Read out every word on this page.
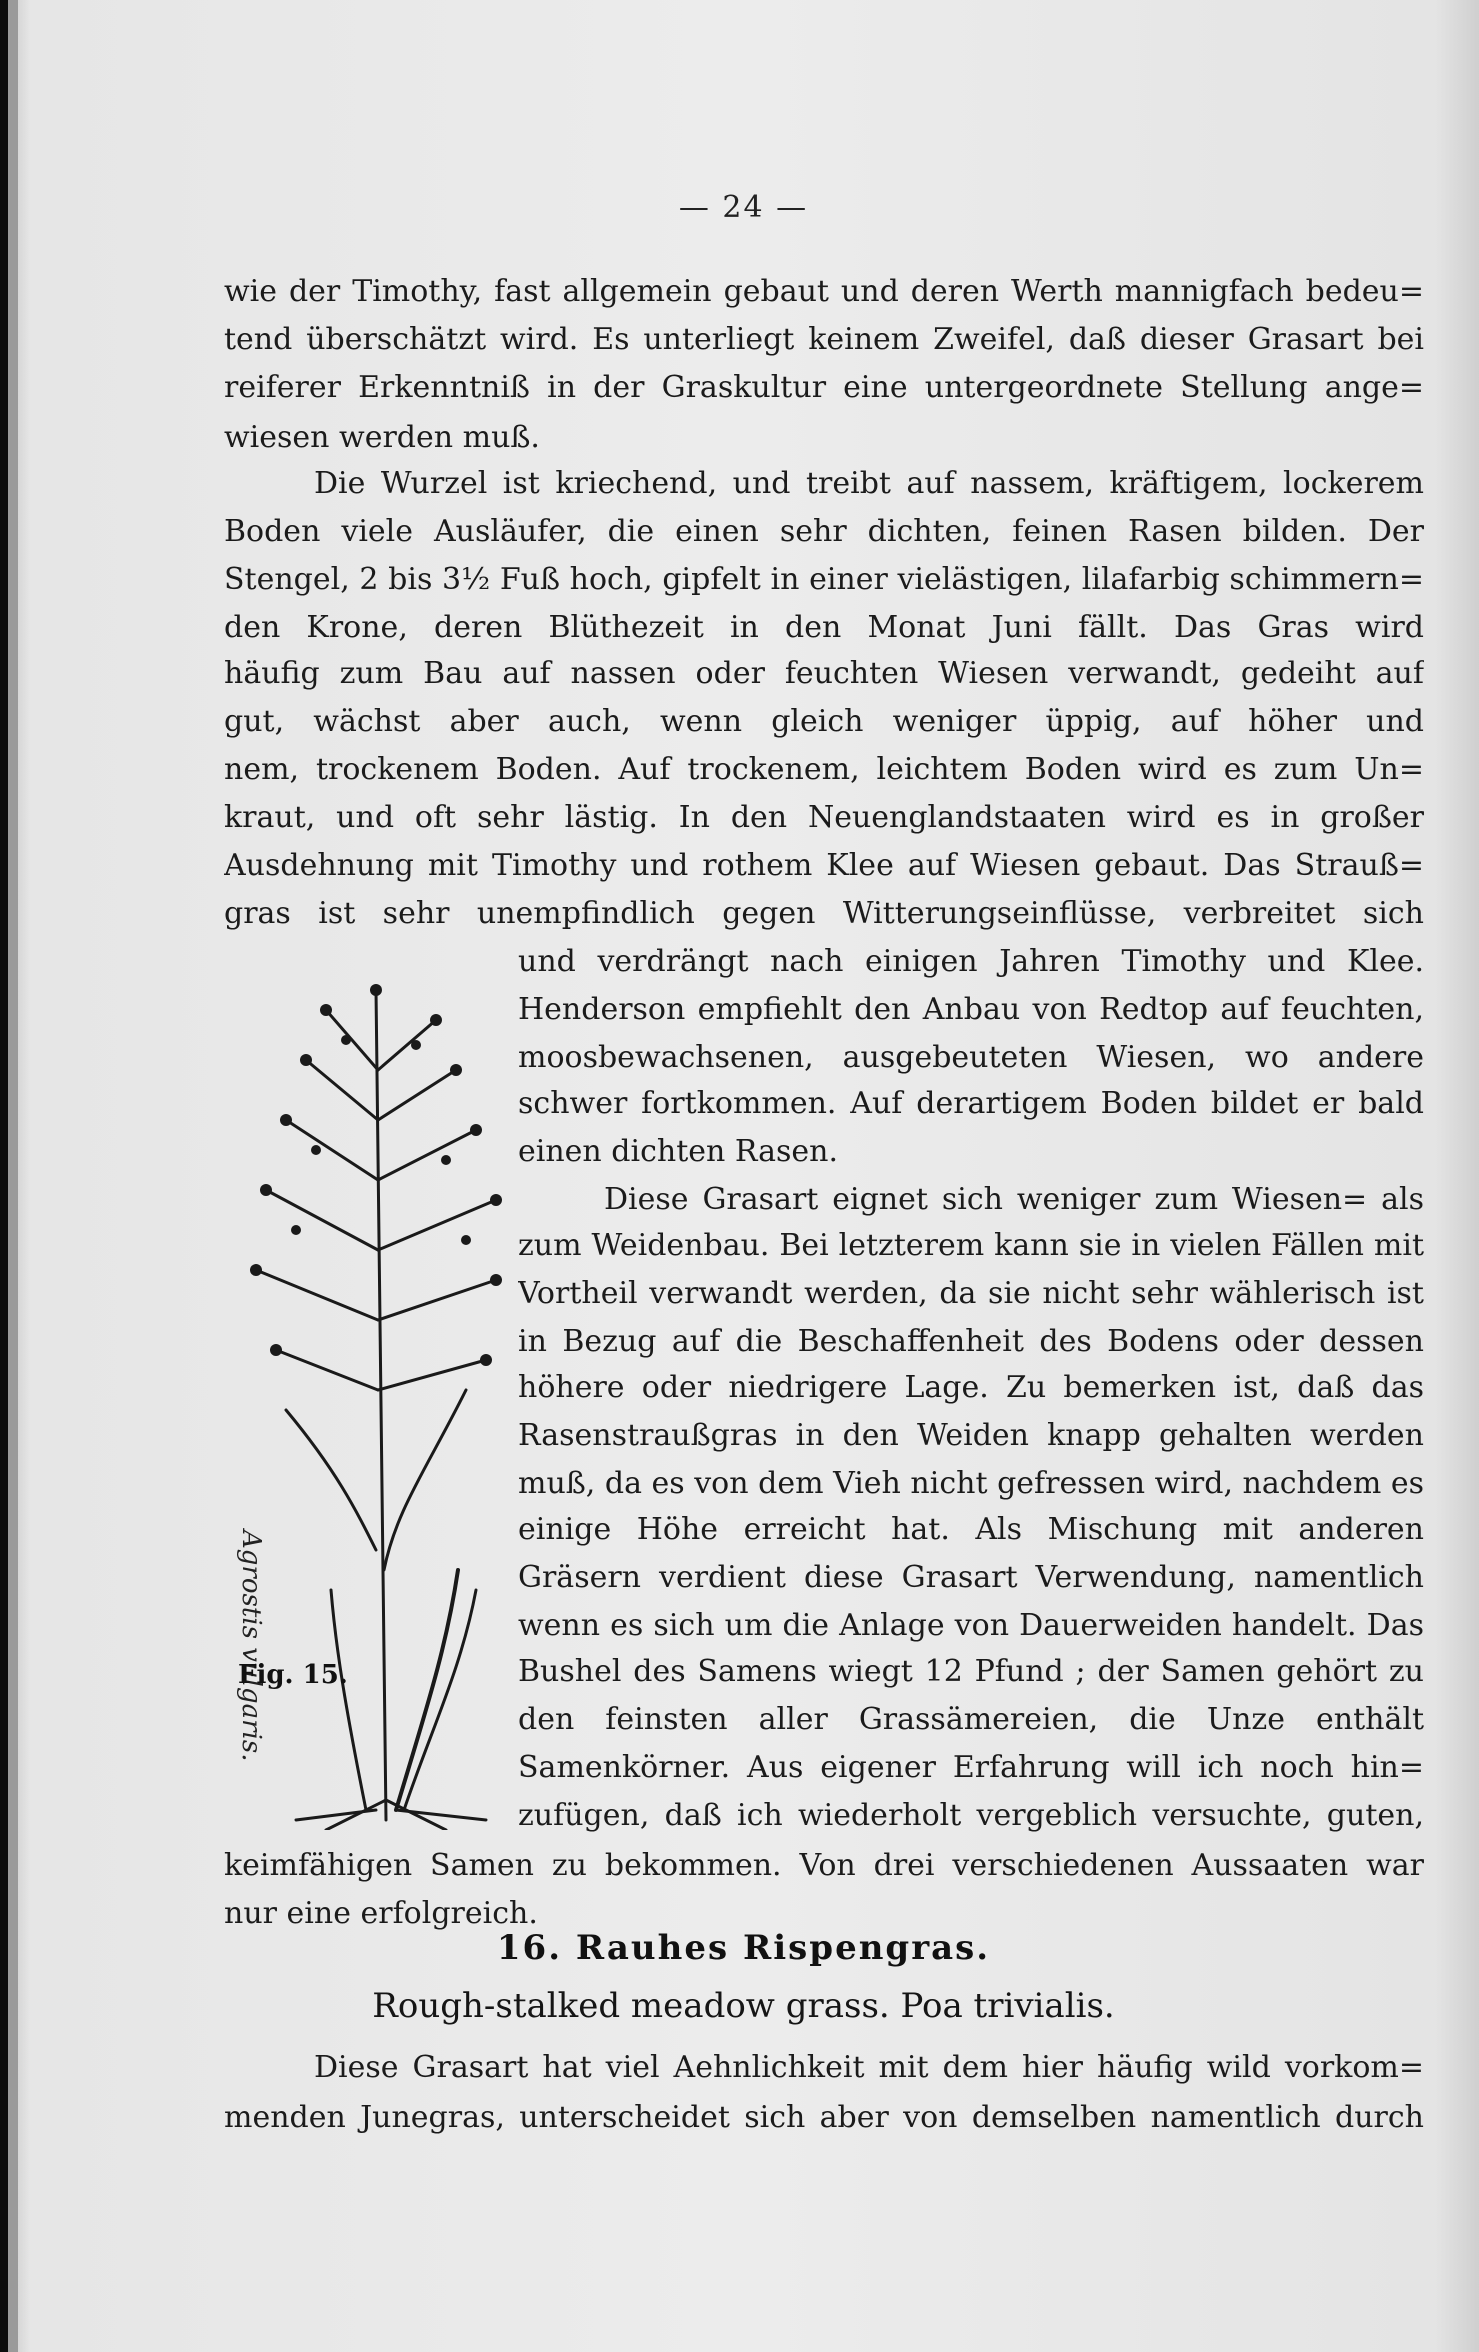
— 24 —
wie der Timothy, fast allgemein gebaut und deren Werth mannigfach bedeu=
tend überschätzt wird. Es unterliegt keinem Zweifel, daß dieser Grasart bei
reiferer Erkenntniß in der Graskultur eine untergeordnete Stellung ange=
wiesen werden muß.
Die Wurzel ist kriechend, und treibt auf nassem, kräftigem, lockerem
Boden viele Ausläufer, die einen sehr dichten, feinen Rasen bilden. Der
Stengel, 2 bis 3½ Fuß hoch, gipfelt in einer vielästigen, lilafarbig schimmern=
den Krone, deren Blüthezeit in den Monat Juni fällt. Das Gras wird
häufig zum Bau auf nassen oder feuchten Wiesen verwandt, gedeiht auf
gut, wächst aber auch, wenn gleich weniger üppig, auf höher und
nem, trockenem Boden. Auf trockenem, leichtem Boden wird es zum Un=
kraut, und oft sehr lästig. In den Neuenglandstaaten wird es in großer
Ausdehnung mit Timothy und rothem Klee auf Wiesen gebaut. Das Strauß=
gras ist sehr unempfindlich gegen Witterungseinflüsse, verbreitet sich
Agrostis vulgaris.
Fig. 15.
und verdrängt nach einigen Jahren Timothy und Klee.
Henderson empfiehlt den Anbau von Redtop auf feuchten,
moosbewachsenen, ausgebeuteten Wiesen, wo andere
schwer fortkommen. Auf derartigem Boden bildet er bald
einen dichten Rasen.
Diese Grasart eignet sich weniger zum Wiesen= als
zum Weidenbau. Bei letzterem kann sie in vielen Fällen mit
Vortheil verwandt werden, da sie nicht sehr wählerisch ist
in Bezug auf die Beschaffenheit des Bodens oder dessen
höhere oder niedrigere Lage. Zu bemerken ist, daß das
Rasenstraußgras in den Weiden knapp gehalten werden
muß, da es von dem Vieh nicht gefressen wird, nachdem es
einige Höhe erreicht hat. Als Mischung mit anderen
Gräsern verdient diese Grasart Verwendung, namentlich
wenn es sich um die Anlage von Dauerweiden handelt. Das
Bushel des Samens wiegt 12 Pfund ; der Samen gehört zu
den feinsten aller Grassämereien, die Unze enthält
Samenkörner. Aus eigener Erfahrung will ich noch hin=
zufügen, daß ich wiederholt vergeblich versuchte, guten,
keimfähigen Samen zu bekommen. Von drei verschiedenen Aussaaten war
nur eine erfolgreich.
16. Rauhes Rispengras.
Rough-stalked meadow grass. Poa trivialis.
Diese Grasart hat viel Aehnlichkeit mit dem hier häufig wild vorkom=
menden Junegras, unterscheidet sich aber von demselben namentlich durch
